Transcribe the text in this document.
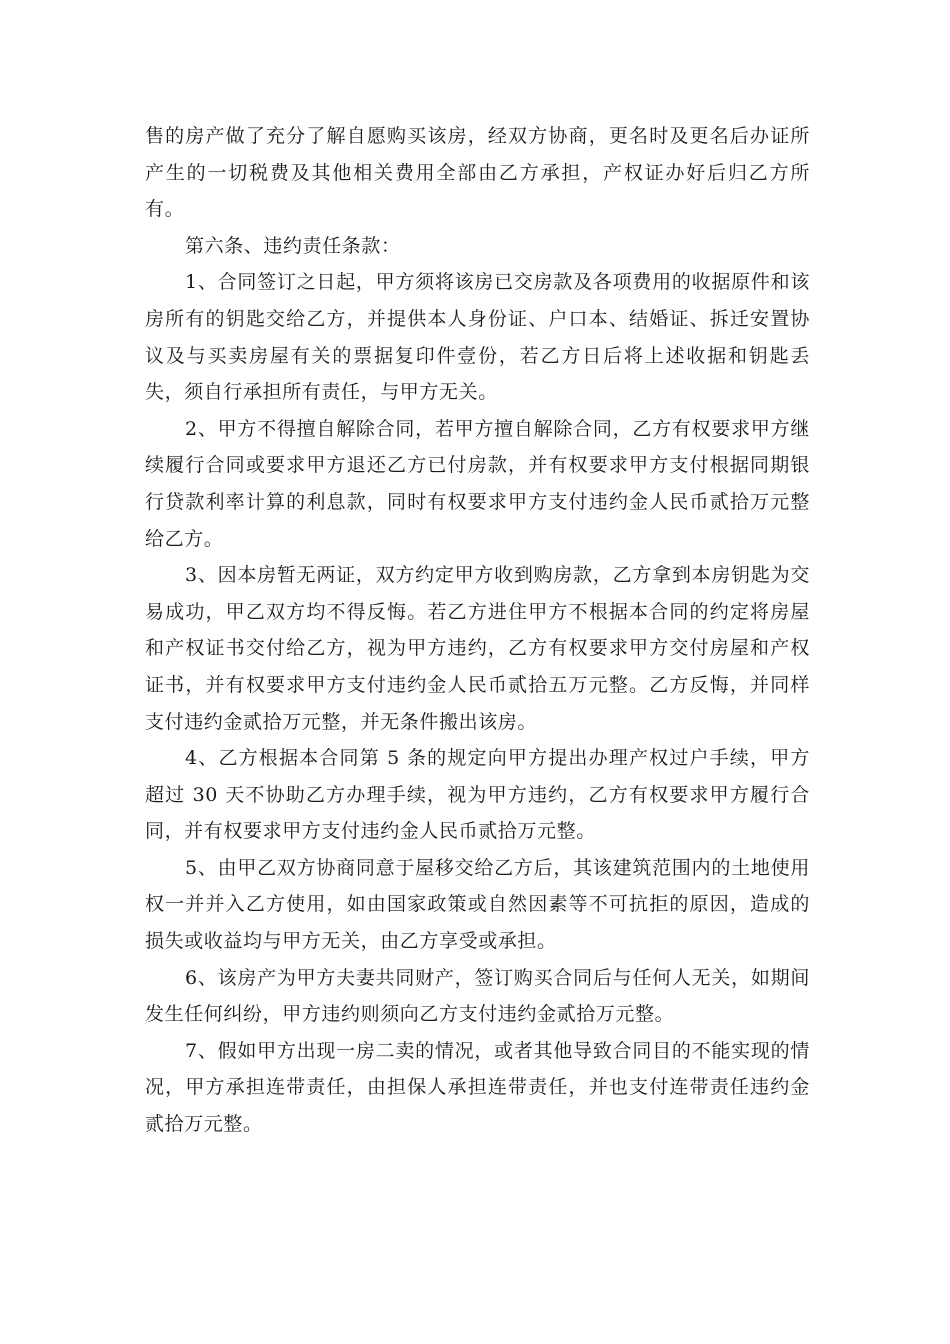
售的房产做了充分了解自愿购买该房，经双方协商，更名时及更名后办证所产生的一切税费及其他相关费用全部由乙方承担，产权证办好后归乙方所有。

第六条、违约责任条款：

1、合同签订之日起，甲方须将该房已交房款及各项费用的收据原件和该房所有的钥匙交给乙方，并提供本人身份证、户口本、结婚证、拆迁安置协议及与买卖房屋有关的票据复印件壹份，若乙方日后将上述收据和钥匙丢失，须自行承担所有责任，与甲方无关。

2、甲方不得擅自解除合同，若甲方擅自解除合同，乙方有权要求甲方继续履行合同或要求甲方退还乙方已付房款，并有权要求甲方支付根据同期银行贷款利率计算的利息款，同时有权要求甲方支付违约金人民币贰拾万元整给乙方。

3、因本房暂无两证，双方约定甲方收到购房款，乙方拿到本房钥匙为交易成功，甲乙双方均不得反悔。若乙方进住甲方不根据本合同的约定将房屋和产权证书交付给乙方，视为甲方违约，乙方有权要求甲方交付房屋和产权证书，并有权要求甲方支付违约金人民币贰拾五万元整。乙方反悔，并同样支付违约金贰拾万元整，并无条件搬出该房。

4、乙方根据本合同第 5 条的规定向甲方提出办理产权过户手续，甲方超过 30 天不协助乙方办理手续，视为甲方违约，乙方有权要求甲方履行合同，并有权要求甲方支付违约金人民币贰拾万元整。

5、由甲乙双方协商同意于屋移交给乙方后，其该建筑范围内的土地使用权一并并入乙方使用，如由国家政策或自然因素等不可抗拒的原因，造成的损失或收益均与甲方无关，由乙方享受或承担。

6、该房产为甲方夫妻共同财产，签订购买合同后与任何人无关，如期间发生任何纠纷，甲方违约则须向乙方支付违约金贰拾万元整。

7、假如甲方出现一房二卖的情况，或者其他导致合同目的不能实现的情况，甲方承担连带责任，由担保人承担连带责任，并也支付连带责任违约金贰拾万元整。
